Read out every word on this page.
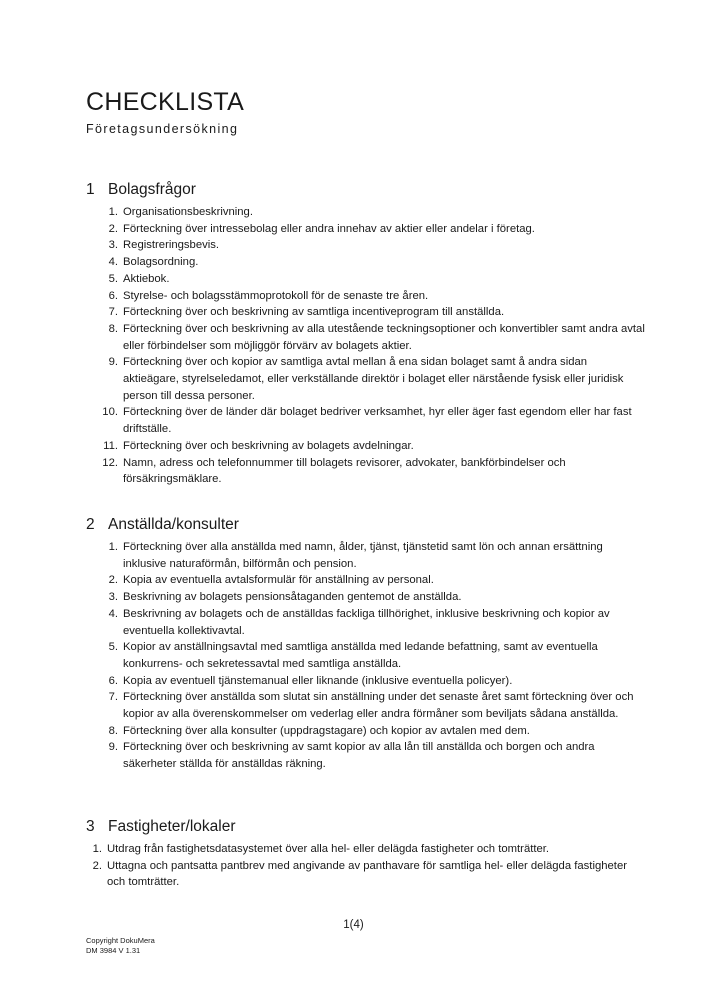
CHECKLISTA
Företagsundersökning
1 Bolagsfrågor
1. Organisationsbeskrivning.
2. Förteckning över intressebolag eller andra innehav av aktier eller andelar i företag.
3. Registreringsbevis.
4. Bolagsordning.
5. Aktiebok.
6. Styrelse- och bolagsstämmoprotokoll för de senaste tre åren.
7. Förteckning över och beskrivning av samtliga incentiveprogram till anställda.
8. Förteckning över och beskrivning av alla utestående teckningsoptioner och konvertibler samt andra avtal eller förbindelser som möjliggör förvärv av bolagets aktier.
9. Förteckning över och kopior av samtliga avtal mellan å ena sidan bolaget samt å andra sidan aktieägare, styrelseledamot, eller verkställande direktör i bolaget eller närstående fysisk eller juridisk person till dessa personer.
10. Förteckning över de länder där bolaget bedriver verksamhet, hyr eller äger fast egendom eller har fast driftställe.
11. Förteckning över och beskrivning av bolagets avdelningar.
12. Namn, adress och telefonnummer till bolagets revisorer, advokater, bankförbindelser och försäkringsmäklare.
2 Anställda/konsulter
1. Förteckning över alla anställda med namn, ålder, tjänst, tjänstetid samt lön och annan ersättning inklusive naturaförmån, bilförmån och pension.
2. Kopia av eventuella avtalsformulär för anställning av personal.
3. Beskrivning av bolagets pensionsåtaganden gentemot de anställda.
4. Beskrivning av bolagets och de anställdas fackliga tillhörighet, inklusive beskrivning och kopior av eventuella kollektivavtal.
5. Kopior av anställningsavtal med samtliga anställda med ledande befattning, samt av eventuella konkurrens- och sekretessavtal med samtliga anställda.
6. Kopia av eventuell tjänstemanual eller liknande (inklusive eventuella policyer).
7. Förteckning över anställda som slutat sin anställning under det senaste året samt förteckning över och kopior av alla överenskommelser om vederlag eller andra förmåner som beviljats sådana anställda.
8. Förteckning över alla konsulter (uppdragstagare) och kopior av avtalen med dem.
9. Förteckning över och beskrivning av samt kopior av alla lån till anställda och borgen och andra säkerheter ställda för anställdas räkning.
3 Fastigheter/lokaler
1. Utdrag från fastighetsdatasystemet över alla hel- eller delägda fastigheter och tomträtter.
2. Uttagna och pantsatta pantbrev med angivande av panthavare för samtliga hel- eller delägda fastigheter och tomträtter.
1(4)
Copyright DokuMera
DM 3984 V 1.31
